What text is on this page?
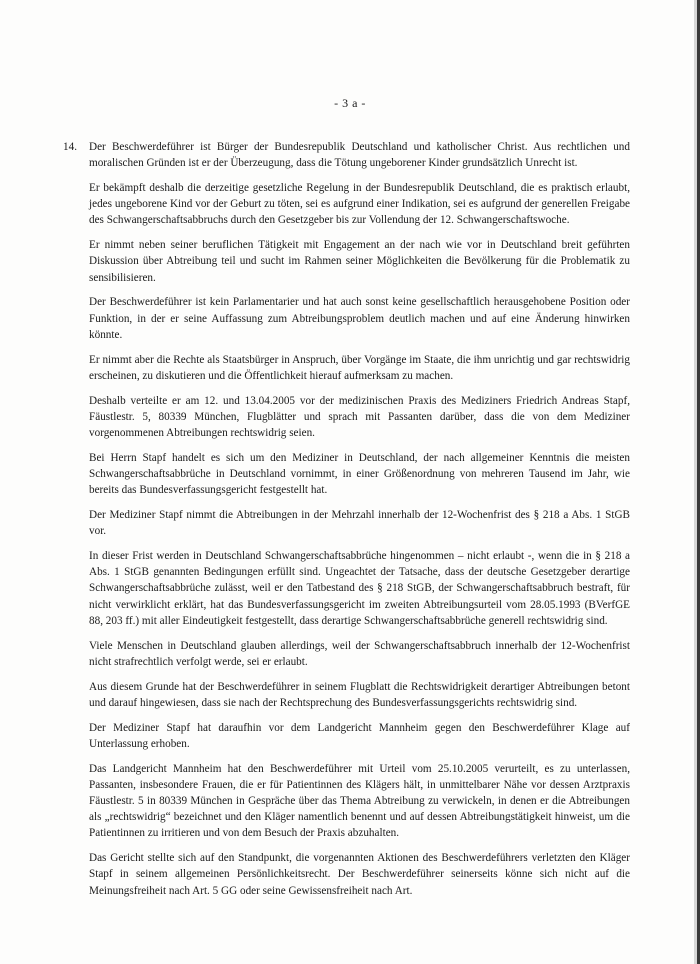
- 3 a -
14. Der Beschwerdeführer ist Bürger der Bundesrepublik Deutschland und katholischer Christ. Aus rechtlichen und moralischen Gründen ist er der Überzeugung, dass die Tötung ungeborener Kinder grundsätzlich Unrecht ist.

Er bekämpft deshalb die derzeitige gesetzliche Regelung in der Bundesrepublik Deutschland, die es praktisch erlaubt, jedes ungeborene Kind vor der Geburt zu töten, sei es aufgrund einer Indikation, sei es aufgrund der generellen Freigabe des Schwangerschaftsabbruchs durch den Gesetzgeber bis zur Vollendung der 12. Schwangerschaftswoche.

Er nimmt neben seiner beruflichen Tätigkeit mit Engagement an der nach wie vor in Deutschland breit geführten Diskussion über Abtreibung teil und sucht im Rahmen seiner Möglichkeiten die Bevölkerung für die Problematik zu sensibilisieren.

Der Beschwerdeführer ist kein Parlamentarier und hat auch sonst keine gesellschaftlich herausgehobene Position oder Funktion, in der er seine Auffassung zum Abtreibungsproblem deutlich machen und auf eine Änderung hinwirken könnte.

Er nimmt aber die Rechte als Staatsbürger in Anspruch, über Vorgänge im Staate, die ihm unrichtig und gar rechtswidrig erscheinen, zu diskutieren und die Öffentlichkeit hierauf aufmerksam zu machen.

Deshalb verteilte er am 12. und 13.04.2005 vor der medizinischen Praxis des Mediziners Friedrich Andreas Stapf, Fäustlestr. 5, 80339 München, Flugblätter und sprach mit Passanten darüber, dass die von dem Mediziner vorgenommenen Abtreibungen rechtswidrig seien.

Bei Herrn Stapf handelt es sich um den Mediziner in Deutschland, der nach allgemeiner Kenntnis die meisten Schwangerschaftsabbrüche in Deutschland vornimmt, in einer Größenordnung von mehreren Tausend im Jahr, wie bereits das Bundesverfassungsgericht festgestellt hat.

Der Mediziner Stapf nimmt die Abtreibungen in der Mehrzahl innerhalb der 12-Wochenfrist des § 218 a Abs. 1 StGB vor.

In dieser Frist werden in Deutschland Schwangerschaftsabbrüche hingenommen – nicht erlaubt -, wenn die in § 218 a Abs. 1 StGB genannten Bedingungen erfüllt sind. Ungeachtet der Tatsache, dass der deutsche Gesetzgeber derartige Schwangerschaftsabbrüche zulässt, weil er den Tatbestand des § 218 StGB, der Schwangerschaftsabbruch bestraft, für nicht verwirklicht erklärt, hat das Bundesverfassungsgericht im zweiten Abtreibungsurteil vom 28.05.1993 (BVerfGE 88, 203 ff.) mit aller Eindeutigkeit festgestellt, dass derartige Schwangerschaftsabbrüche generell rechtswidrig sind.

Viele Menschen in Deutschland glauben allerdings, weil der Schwangerschaftsabbruch innerhalb der 12-Wochenfrist nicht strafrechtlich verfolgt werde, sei er erlaubt.

Aus diesem Grunde hat der Beschwerdeführer in seinem Flugblatt die Rechtswidrigkeit derartiger Abtreibungen betont und darauf hingewiesen, dass sie nach der Rechtsprechung des Bundesverfassungsgerichts rechtswidrig sind.

Der Mediziner Stapf hat daraufhin vor dem Landgericht Mannheim gegen den Beschwerdeführer Klage auf Unterlassung erhoben.

Das Landgericht Mannheim hat den Beschwerdeführer mit Urteil vom 25.10.2005 verurteilt, es zu unterlassen, Passanten, insbesondere Frauen, die er für Patientinnen des Klägers hält, in unmittelbarer Nähe vor dessen Arztpraxis Fäustlestr. 5 in 80339 München in Gespräche über das Thema Abtreibung zu verwickeln, in denen er die Abtreibungen als „rechtswidrig“ bezeichnet und den Kläger namentlich benennt und auf dessen Abtreibungstätigkeit hinweist, um die Patientinnen zu irritieren und von dem Besuch der Praxis abzuhalten.

Das Gericht stellte sich auf den Standpunkt, die vorgenannten Aktionen des Beschwerdeführers verletzten den Kläger Stapf in seinem allgemeinen Persönlichkeitsrecht. Der Beschwerdeführer seinerseits könne sich nicht auf die Meinungsfreiheit nach Art. 5 GG oder seine Gewissensfreiheit nach Art.
